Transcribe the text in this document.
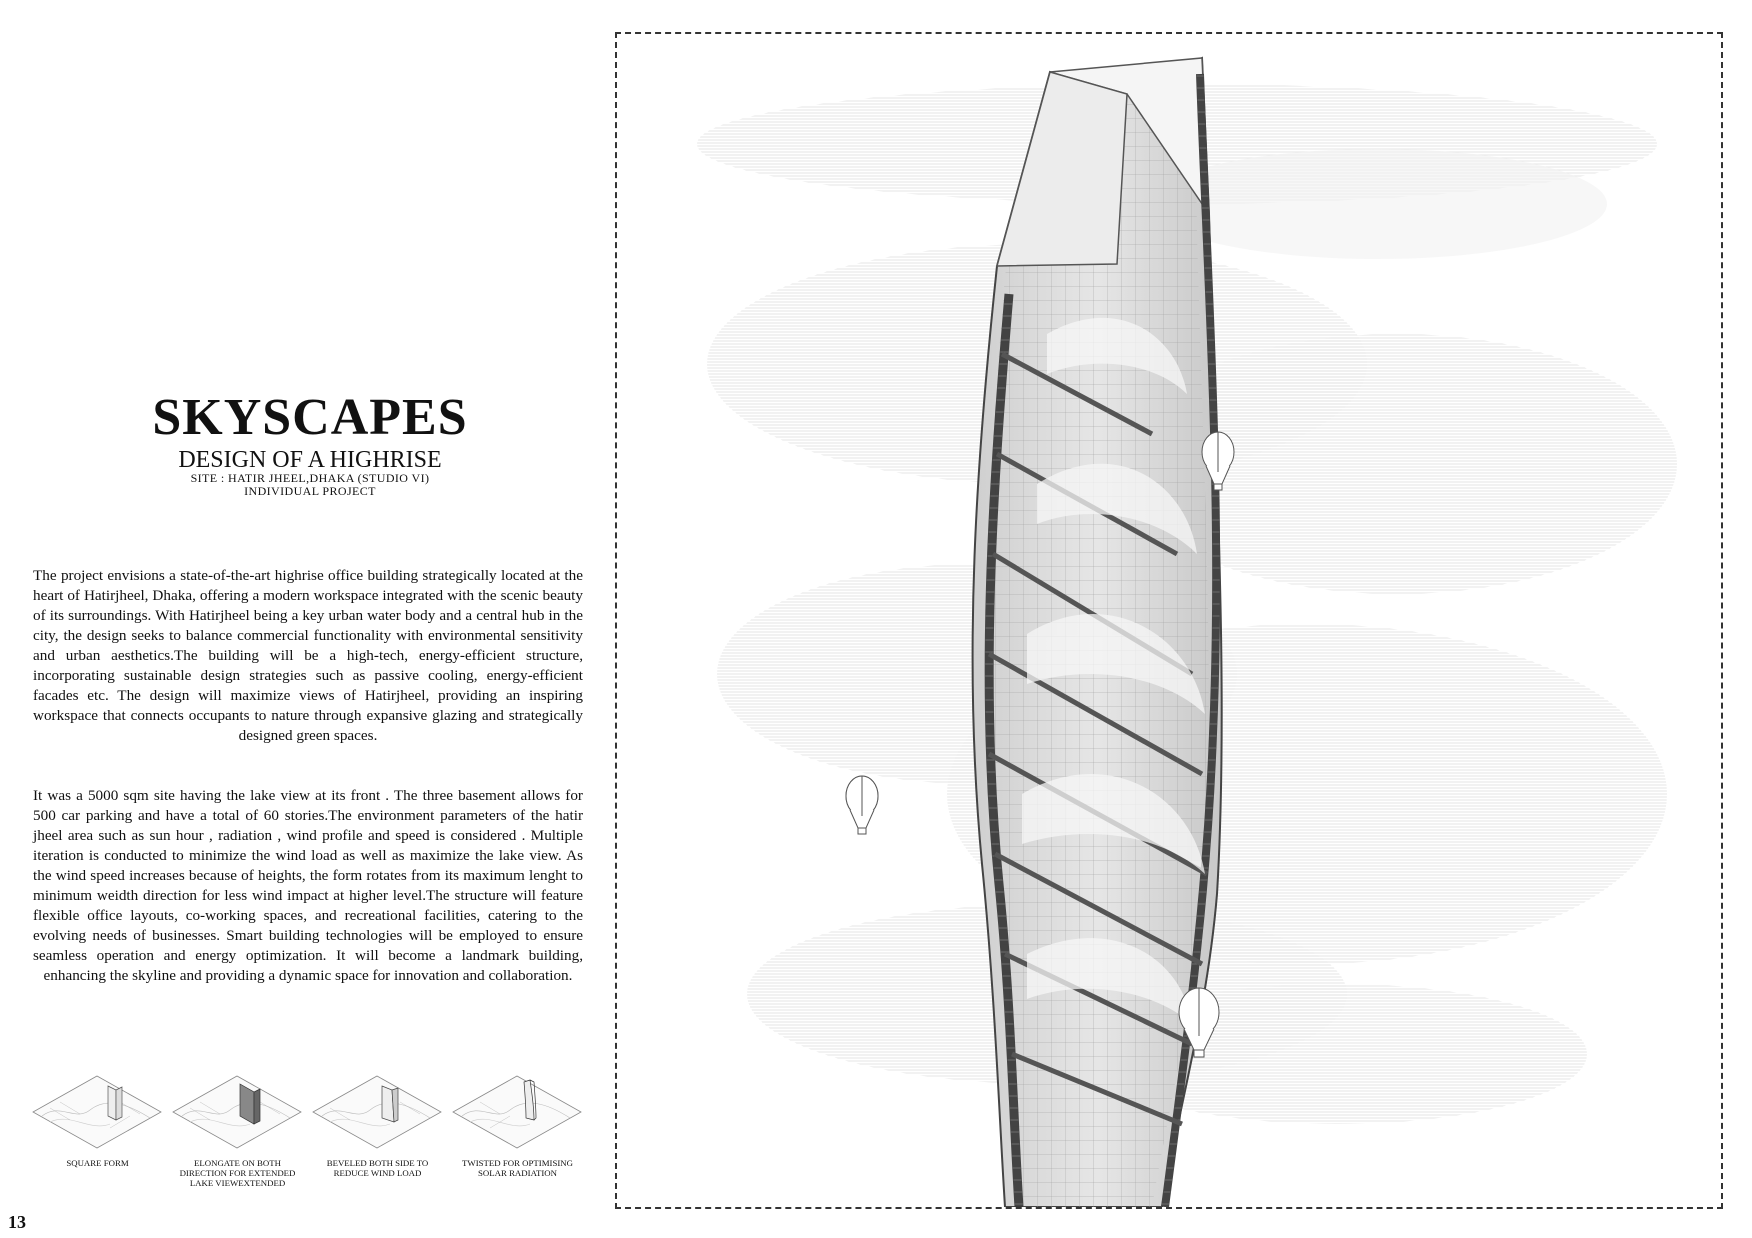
SKYSCAPES
DESIGN OF A HIGHRISE
SITE : HATIR JHEEL,DHAKA (STUDIO VI)
INDIVIDUAL PROJECT

The project envisions a state-of-the-art highrise office building strategically located at the heart of Hatirjheel, Dhaka, offering a modern workspace integrated with the scenic beauty of its surroundings. With Hatirjheel being a key urban water body and a central hub in the city, the design seeks to balance commercial functionality with environmental sensitivity and urban aesthetics.The building will be a high-tech, energy-efficient structure, incorporating sustainable design strategies such as passive cooling, energy-efficient facades etc. The design will maximize views of Hatirjheel, providing an inspiring workspace that connects occupants to nature through expansive glazing and strategically designed green spaces.

It was a 5000 sqm site having the lake view at its front . The three basement allows for 500 car parking and have a total of 60 stories.The environment parameters of the hatir jheel area such as sun hour , radiation , wind profile and speed is considered . Multiple iteration is conducted to minimize the wind load as well as maximize the lake view. As the wind speed increases because of heights, the form rotates from its maximum lenght to minimum weidth direction for less wind impact at higher level.The structure will feature flexible office layouts, co-working spaces, and recreational facilities, catering to the evolving needs of businesses. Smart building technologies will be employed to ensure seamless operation and energy optimization. It will become a landmark building, enhancing the skyline and providing a dynamic space for innovation and collaboration.

SQUARE FORM	ELONGATE ON BOTH DIRECTION FOR EXTENDED LAKE VIEWEXTENDED
BEVELED BOTH SIDE TO REDUCE WIND LOAD
TWISTED FOR OPTIMISING SOLAR RADIATION
13
